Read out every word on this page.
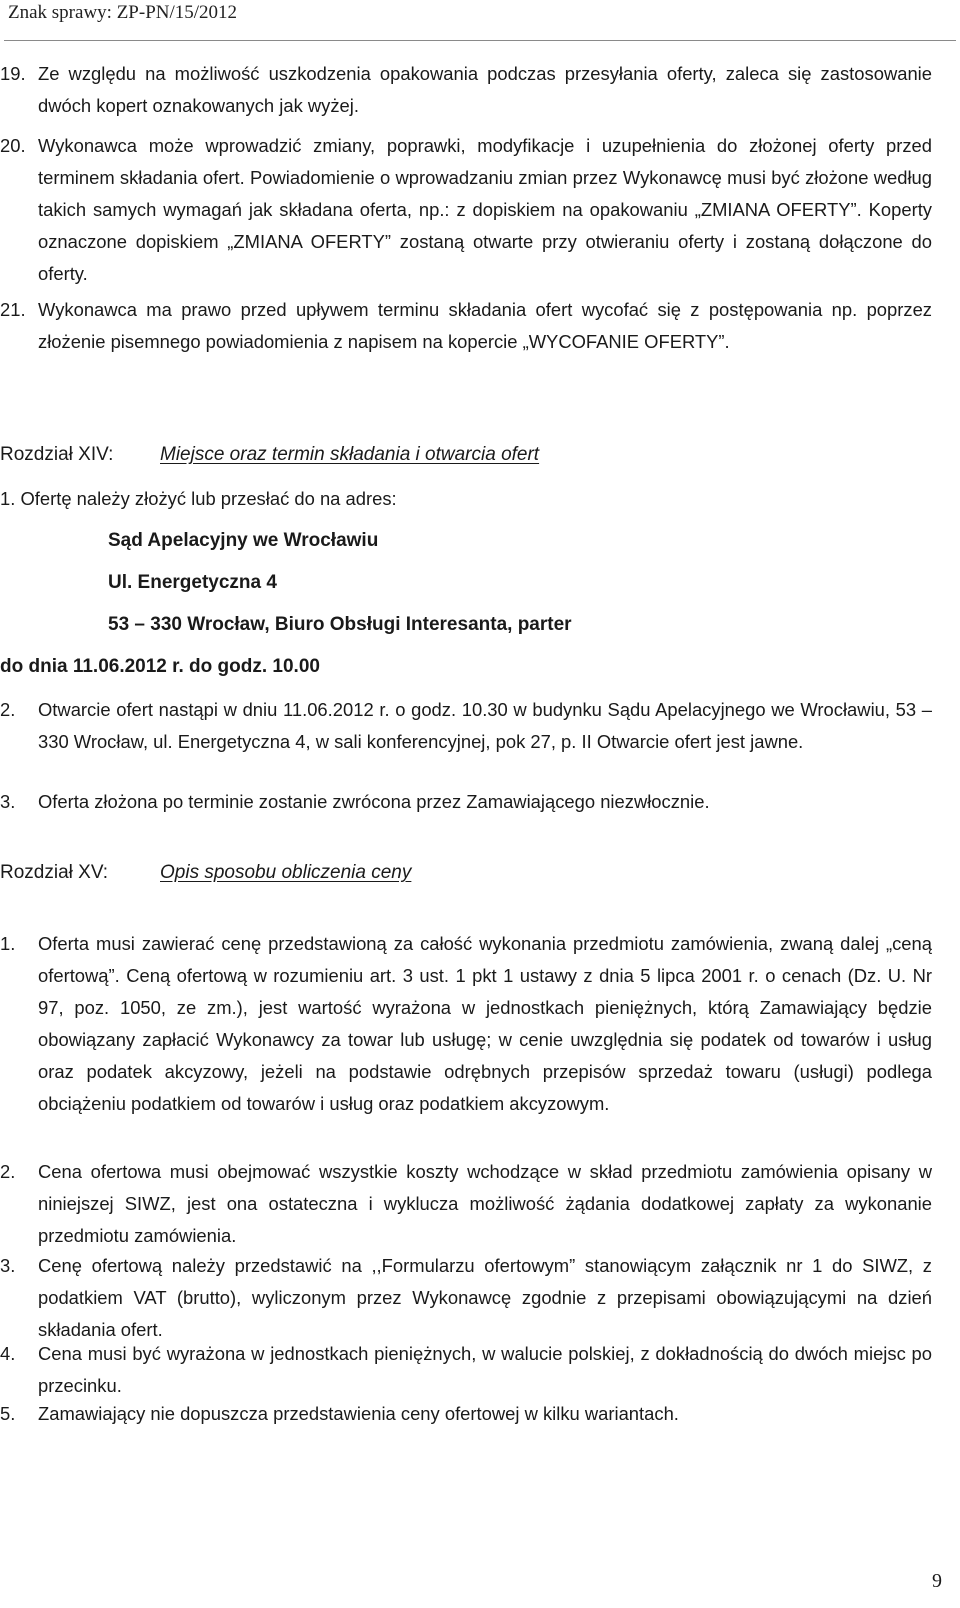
Znak sprawy: ZP-PN/15/2012
19. Ze względu na możliwość uszkodzenia opakowania podczas przesyłania oferty, zaleca się zastosowanie dwóch kopert oznakowanych jak wyżej.
20. Wykonawca może wprowadzić zmiany, poprawki, modyfikacje i uzupełnienia do złożonej oferty przed terminem składania ofert. Powiadomienie o wprowadzaniu zmian przez Wykonawcę musi być złożone według takich samych wymagań jak składana oferta, np.: z dopiskiem na opakowaniu „ZMIANA OFERTY”. Koperty oznaczone dopiskiem „ZMIANA OFERTY” zostaną otwarte przy otwieraniu oferty i zostaną dołączone do oferty.
21. Wykonawca ma prawo przed upływem terminu składania ofert wycofać się z postępowania np. poprzez złożenie pisemnego powiadomienia z napisem na kopercie „WYCOFANIE OFERTY”.
Rozdział XIV: Miejsce oraz termin składania i otwarcia ofert
1. Ofertę należy złożyć lub przesłać do na adres:
Sąd Apelacyjny we Wrocławiu
Ul. Energetyczna 4
53 – 330 Wrocław, Biuro Obsługi Interesanta, parter
do dnia 11.06.2012 r. do godz. 10.00
2.	Otwarcie ofert nastąpi w dniu 11.06.2012 r. o godz. 10.30 w budynku Sądu Apelacyjnego we Wrocławiu, 53 – 330 Wrocław, ul. Energetyczna 4, w sali konferencyjnej, pok 27, p. II Otwarcie ofert jest jawne.
3.	Oferta złożona po terminie zostanie zwrócona przez Zamawiającego niezwłocznie.
Rozdział XV:	Opis sposobu obliczenia ceny
1.	Oferta musi zawierać cenę przedstawioną za całość wykonania przedmiotu zamówienia, zwaną dalej „ceną ofertową”. Ceną ofertową w rozumieniu art. 3 ust. 1 pkt 1 ustawy z dnia 5 lipca 2001 r. o cenach (Dz. U. Nr 97, poz. 1050, ze zm.), jest wartość wyrażona w jednostkach pieniężnych, którą Zamawiający będzie obowiązany zapłacić Wykonawcy za towar lub usługę; w cenie uwzględnia się podatek od towarów i usług oraz podatek akcyzowy, jeżeli na podstawie odrębnych przepisów sprzedaż towaru (usługi) podlega obciążeniu podatkiem od towarów i usług oraz podatkiem akcyzowym.
2.	Cena ofertowa musi obejmować wszystkie koszty wchodzące w skład przedmiotu zamówienia opisany w niniejszej SIWZ, jest ona ostateczna i wyklucza możliwość żądania dodatkowej zapłaty za wykonanie przedmiotu zamówienia.
3.	Cenę ofertową należy przedstawić na ,,Formularzu ofertowym” stanowiącym załącznik nr 1 do SIWZ, z podatkiem VAT (brutto), wyliczonym przez Wykonawcę zgodnie z przepisami obowiązującymi na dzień składania ofert.
4.	Cena musi być wyrażona w jednostkach pieniężnych, w walucie polskiej, z dokładnością do dwóch miejsc po przecinku.
5.	Zamawiający nie dopuszcza przedstawienia ceny ofertowej w kilku wariantach.
9
